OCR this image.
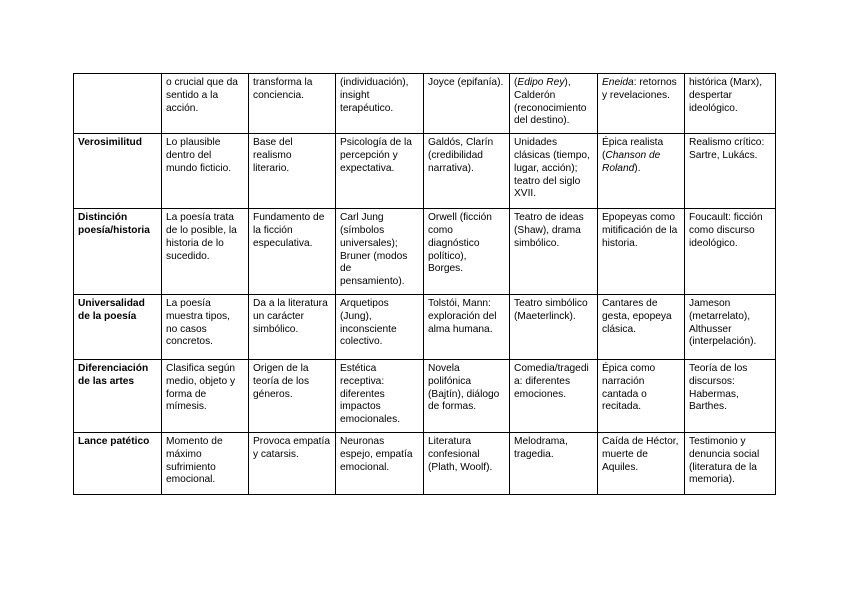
	o crucial que da sentido a la acción.	transforma la conciencia.	(individuación), insight terapéutico.	Joyce (epifanía).	(Edipo Rey), Calderón (reconocimiento del destino).	Eneida: retornos y revelaciones.	histórica (Marx), despertar ideológico.
Verosimilitud	Lo plausible dentro del mundo ficticio.	Base del realismo literario.	Psicología de la percepción y expectativa.	Galdós, Clarín (credibilidad narrativa).	Unidades clásicas (tiempo, lugar, acción); teatro del siglo XVII.	Épica realista (Chanson de Roland).	Realismo crítico: Sartre, Lukács.
Distinción poesía/historia	La poesía trata de lo posible, la historia de lo sucedido.	Fundamento de la ficción especulativa.	Carl Jung (símbolos universales); Bruner (modos de pensamiento).	Orwell (ficción como diagnóstico político), Borges.	Teatro de ideas (Shaw), drama simbólico.	Epopeyas como mitificación de la historia.	Foucault: ficción como discurso ideológico.
Universalidad de la poesía	La poesía muestra tipos, no casos concretos.	Da a la literatura un carácter simbólico.	Arquetipos (Jung), inconsciente colectivo.	Tolstói, Mann: exploración del alma humana.	Teatro simbólico (Maeterlinck).	Cantares de gesta, epopeya clásica.	Jameson (metarrelato), Althusser (interpelación).
Diferenciación de las artes	Clasifica según medio, objeto y forma de mímesis.	Origen de la teoría de los géneros.	Estética receptiva: diferentes impactos emocionales.	Novela polifónica (Bajtín), diálogo de formas.	Comedia/tragedia: diferentes emociones.	Épica como narración cantada o recitada.	Teoría de los discursos: Habermas, Barthes.
Lance patético	Momento de máximo sufrimiento emocional.	Provoca empatía y catarsis.	Neuronas espejo, empatía emocional.	Literatura confesional (Plath, Woolf).	Melodrama, tragedia.	Caída de Héctor, muerte de Aquiles.	Testimonio y denuncia social (literatura de la memoria).
